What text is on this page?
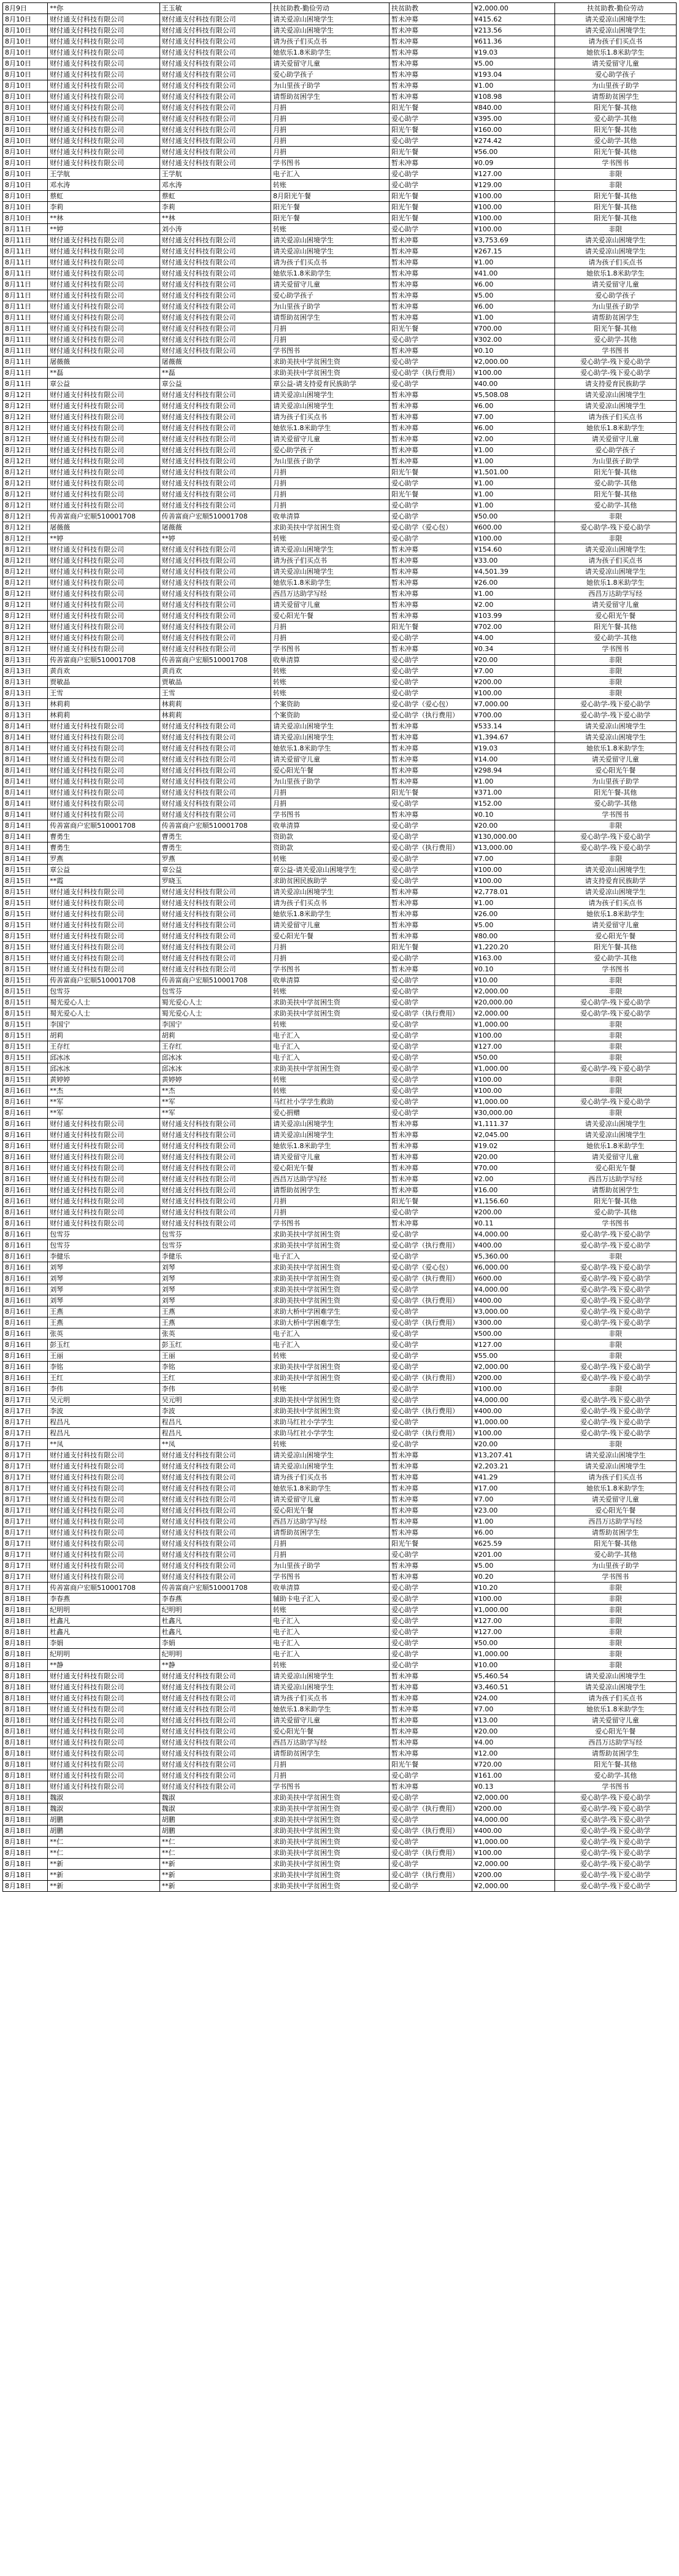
8月9日	**你	王玉敏	扶贫助教-勤俭劳动	扶贫助教	¥2,000.00	扶贫助教-勤俭劳动
8月10日	财付通支付科技有限公司	财付通支付科技有限公司	请关爱凉山困境学生	暂未冲募	¥415.62	请关爱凉山困境学生
8月10日	财付通支付科技有限公司	财付通支付科技有限公司	请关爱凉山困境学生	暂未冲募	¥213.56	请关爱凉山困境学生
8月10日	财付通支付科技有限公司	财付通支付科技有限公司	请为孩子们买点书	暂未冲募	¥611.36	请为孩子们买点书
8月10日	财付通支付科技有限公司	财付通支付科技有限公司	她依乐1.8米助学生	暂未冲募	¥19.03	她依乐1.8米助学生
8月10日	财付通支付科技有限公司	财付通支付科技有限公司	请关爱留守儿童	暂未冲募	¥5.00	请关爱留守儿童
8月10日	财付通支付科技有限公司	财付通支付科技有限公司	爱心助学孩子	暂未冲募	¥193.04	爱心助学孩子
8月10日	财付通支付科技有限公司	财付通支付科技有限公司	为山里孩子助学	暂未冲募	¥1.00	为山里孩子助学
8月10日	财付通支付科技有限公司	财付通支付科技有限公司	请帮助贫困学生	暂未冲募	¥108.98	请帮助贫困学生
8月10日	财付通支付科技有限公司	财付通支付科技有限公司	月捐	阳光午餐	¥840.00	阳光午餐-其他
8月10日	财付通支付科技有限公司	财付通支付科技有限公司	月捐	爱心助学	¥395.00	爱心助学-其他
8月10日	财付通支付科技有限公司	财付通支付科技有限公司	月捐	阳光午餐	¥160.00	阳光午餐-其他
8月10日	财付通支付科技有限公司	财付通支付科技有限公司	月捐	爱心助学	¥274.42	爱心助学-其他
8月10日	财付通支付科技有限公司	财付通支付科技有限公司	月捐	阳光午餐	¥56.00	阳光午餐-其他
8月10日	财付通支付科技有限公司	财付通支付科技有限公司	学书图书	暂未冲募	¥0.09	学书图书
8月10日	王学航	王学航	电子汇入	爱心助学	¥127.00	非限
8月10日	邓水涛	邓水涛	转账	爱心助学	¥129.00	非限
8月10日	蔡虹	蔡虹	8月阳光午餐	阳光午餐	¥100.00	阳光午餐-其他
8月10日	李莉	李莉	阳光午餐	阳光午餐	¥100.00	阳光午餐-其他
8月10日	**林	**林	阳光午餐	阳光午餐	¥100.00	阳光午餐-其他
8月11日	**婷	刘小涛	转账	爱心助学	¥100.00	非限
8月11日	财付通支付科技有限公司	财付通支付科技有限公司	请关爱凉山困境学生	暂未冲募	¥3,753.69	请关爱凉山困境学生
8月11日	财付通支付科技有限公司	财付通支付科技有限公司	请关爱凉山困境学生	暂未冲募	¥267.15	请关爱凉山困境学生
8月11日	财付通支付科技有限公司	财付通支付科技有限公司	请为孩子们买点书	暂未冲募	¥1.00	请为孩子们买点书
8月11日	财付通支付科技有限公司	财付通支付科技有限公司	她依乐1.8米助学生	暂未冲募	¥41.00	她依乐1.8米助学生
8月11日	财付通支付科技有限公司	财付通支付科技有限公司	请关爱留守儿童	暂未冲募	¥6.00	请关爱留守儿童
8月11日	财付通支付科技有限公司	财付通支付科技有限公司	爱心助学孩子	暂未冲募	¥5.00	爱心助学孩子
8月11日	财付通支付科技有限公司	财付通支付科技有限公司	为山里孩子助学	暂未冲募	¥6.00	为山里孩子助学
8月11日	财付通支付科技有限公司	财付通支付科技有限公司	请帮助贫困学生	暂未冲募	¥1.00	请帮助贫困学生
8月11日	财付通支付科技有限公司	财付通支付科技有限公司	月捐	阳光午餐	¥700.00	阳光午餐-其他
8月11日	财付通支付科技有限公司	财付通支付科技有限公司	月捐	爱心助学	¥302.00	爱心助学-其他
8月11日	财付通支付科技有限公司	财付通支付科技有限公司	学书图书	暂未冲募	¥0.10	学书图书
8月11日	屠薇薇	屠薇薇	求助美扶中学贫困生资	爱心助学	¥2,000.00	爱心助学-残下爱心助学
8月11日	**磊	**磊	求助美扶中学贫困生资	爱心助学（执行费用）	¥100.00	爱心助学-残下爱心助学
8月11日	章公益	章公益	章公益-请支持爱育民族助学	爱心助学	¥40.00	请支持爱育民族助学
8月12日	财付通支付科技有限公司	财付通支付科技有限公司	请关爱凉山困境学生	暂未冲募	¥5,508.08	请关爱凉山困境学生
8月12日	财付通支付科技有限公司	财付通支付科技有限公司	请关爱凉山困境学生	暂未冲募	¥6.00	请关爱凉山困境学生
8月12日	财付通支付科技有限公司	财付通支付科技有限公司	请为孩子们买点书	暂未冲募	¥7.00	请为孩子们买点书
8月12日	财付通支付科技有限公司	财付通支付科技有限公司	她依乐1.8米助学生	暂未冲募	¥6.00	她依乐1.8米助学生
8月12日	财付通支付科技有限公司	财付通支付科技有限公司	请关爱留守儿童	暂未冲募	¥2.00	请关爱留守儿童
8月12日	财付通支付科技有限公司	财付通支付科技有限公司	爱心助学孩子	暂未冲募	¥1.00	爱心助学孩子
8月12日	财付通支付科技有限公司	财付通支付科技有限公司	为山里孩子助学	暂未冲募	¥1.00	为山里孩子助学
8月12日	财付通支付科技有限公司	财付通支付科技有限公司	月捐	阳光午餐	¥1,501.00	阳光午餐-其他
8月12日	财付通支付科技有限公司	财付通支付科技有限公司	月捐	爱心助学	¥1.00	爱心助学-其他
8月12日	财付通支付科技有限公司	财付通支付科技有限公司	月捐	阳光午餐	¥1.00	阳光午餐-其他
8月12日	财付通支付科技有限公司	财付通支付科技有限公司	月捐	爱心助学	¥1.00	爱心助学-其他
8月12日	传善富商户宏顺510001708	传善富商户宏顺510001708	收单清算	爱心助学	¥50.00	非限
8月12日	屠薇薇	屠薇薇	求助美扶中学贫困生资	爱心助学（爱心包）	¥600.00	爱心助学-残下爱心助学
8月12日	**婷	**婷	转账	爱心助学	¥100.00	非限
8月12日	财付通支付科技有限公司	财付通支付科技有限公司	请关爱凉山困境学生	暂未冲募	¥154.60	请关爱凉山困境学生
8月12日	财付通支付科技有限公司	财付通支付科技有限公司	请为孩子们买点书	暂未冲募	¥33.00	请为孩子们买点书
8月12日	财付通支付科技有限公司	财付通支付科技有限公司	请关爱凉山困境学生	暂未冲募	¥4,501.39	请关爱凉山困境学生
8月12日	财付通支付科技有限公司	财付通支付科技有限公司	她依乐1.8米助学生	暂未冲募	¥26.00	她依乐1.8米助学生
8月12日	财付通支付科技有限公司	财付通支付科技有限公司	西昌万达助学写经	暂未冲募	¥1.00	西昌万达助学写经
8月12日	财付通支付科技有限公司	财付通支付科技有限公司	请关爱留守儿童	暂未冲募	¥2.00	请关爱留守儿童
8月12日	财付通支付科技有限公司	财付通支付科技有限公司	爱心阳光午餐	暂未冲募	¥103.99	爱心阳光午餐
8月12日	财付通支付科技有限公司	财付通支付科技有限公司	月捐	阳光午餐	¥702.00	阳光午餐-其他
8月12日	财付通支付科技有限公司	财付通支付科技有限公司	月捐	爱心助学	¥4.00	爱心助学-其他
8月12日	财付通支付科技有限公司	财付通支付科技有限公司	学书图书	暂未冲募	¥0.34	学书图书
8月13日	传善富商户宏顺510001708	传善富商户宏顺510001708	收单清算	爱心助学	¥20.00	非限
8月13日	黄肖欢	黄肖欢	转账	爱心助学	¥7.00	非限
8月13日	贾敏晶	贾敏晶	转账	爱心助学	¥200.00	非限
8月13日	王雪	王雪	转账	爱心助学	¥100.00	非限
8月13日	林莉莉	林莉莉	个案资助	爱心助学（爱心包）	¥7,000.00	爱心助学-残下爱心助学
8月13日	林莉莉	林莉莉	个案资助	爱心助学（执行费用）	¥700.00	爱心助学-残下爱心助学
8月14日	财付通支付科技有限公司	财付通支付科技有限公司	请关爱凉山困境学生	暂未冲募	¥533.14	请关爱凉山困境学生
8月14日	财付通支付科技有限公司	财付通支付科技有限公司	请关爱凉山困境学生	暂未冲募	¥1,394.67	请关爱凉山困境学生
8月14日	财付通支付科技有限公司	财付通支付科技有限公司	她依乐1.8米助学生	暂未冲募	¥19.03	她依乐1.8米助学生
8月14日	财付通支付科技有限公司	财付通支付科技有限公司	请关爱留守儿童	暂未冲募	¥14.00	请关爱留守儿童
8月14日	财付通支付科技有限公司	财付通支付科技有限公司	爱心阳光午餐	暂未冲募	¥298.94	爱心阳光午餐
8月14日	财付通支付科技有限公司	财付通支付科技有限公司	为山里孩子助学	暂未冲募	¥1.00	为山里孩子助学
8月14日	财付通支付科技有限公司	财付通支付科技有限公司	月捐	阳光午餐	¥371.00	阳光午餐-其他
8月14日	财付通支付科技有限公司	财付通支付科技有限公司	月捐	爱心助学	¥152.00	爱心助学-其他
8月14日	财付通支付科技有限公司	财付通支付科技有限公司	学书图书	暂未冲募	¥0.10	学书图书
8月14日	传善富商户宏顺510001708	传善富商户宏顺510001708	收单清算	爱心助学	¥20.00	非限
8月14日	曹勇生	曹勇生	资助款	爱心助学	¥130,000.00	爱心助学-残下爱心助学
8月14日	曹勇生	曹勇生	资助款	爱心助学（执行费用）	¥13,000.00	爱心助学-残下爱心助学
8月14日	罗燕	罗燕	转账	爱心助学	¥7.00	非限
8月15日	章公益	章公益	章公益-请关爱凉山困境学生	爱心助学	¥100.00	请关爱凉山困境学生
8月15日	**霞	罗晓玉	求助贫困民族助学	爱心助学	¥100.00	请支持爱育民族助学
8月15日	财付通支付科技有限公司	财付通支付科技有限公司	请关爱凉山困境学生	暂未冲募	¥2,778.01	请关爱凉山困境学生
8月15日	财付通支付科技有限公司	财付通支付科技有限公司	请为孩子们买点书	暂未冲募	¥1.00	请为孩子们买点书
8月15日	财付通支付科技有限公司	财付通支付科技有限公司	她依乐1.8米助学生	暂未冲募	¥26.00	她依乐1.8米助学生
8月15日	财付通支付科技有限公司	财付通支付科技有限公司	请关爱留守儿童	暂未冲募	¥5.00	请关爱留守儿童
8月15日	财付通支付科技有限公司	财付通支付科技有限公司	爱心阳光午餐	暂未冲募	¥80.00	爱心阳光午餐
8月15日	财付通支付科技有限公司	财付通支付科技有限公司	月捐	阳光午餐	¥1,220.20	阳光午餐-其他
8月15日	财付通支付科技有限公司	财付通支付科技有限公司	月捐	爱心助学	¥163.00	爱心助学-其他
8月15日	财付通支付科技有限公司	财付通支付科技有限公司	学书图书	暂未冲募	¥0.10	学书图书
8月15日	传善富商户宏顺510001708	传善富商户宏顺510001708	收单清算	爱心助学	¥10.00	非限
8月15日	包雪芬	包雪芬	转账	爱心助学	¥2,000.00	非限
8月15日	蜀光爱心人士	蜀光爱心人士	求助美扶中学贫困生资	爱心助学	¥20,000.00	爱心助学-残下爱心助学
8月15日	蜀光爱心人士	蜀光爱心人士	求助美扶中学贫困生资	爱心助学（执行费用）	¥2,000.00	爱心助学-残下爱心助学
8月15日	李国宁	李国宁	转账	爱心助学	¥1,000.00	非限
8月15日	胡莉	胡莉	电子汇入	爱心助学	¥100.00	非限
8月15日	王存红	王存红	电子汇入	爱心助学	¥127.00	非限
8月15日	邱冰冰	邱冰冰	电子汇入	爱心助学	¥50.00	非限
8月15日	邱冰冰	邱冰冰	求助美扶中学贫困生资	爱心助学	¥1,000.00	爱心助学-残下爱心助学
8月15日	黄婷婷	黄婷婷	转账	爱心助学	¥100.00	非限
8月16日	**杰	**杰	转账	爱心助学	¥100.00	非限
8月16日	**军	**军	马红社小学学生救助	爱心助学	¥1,000.00	爱心助学-残下爱心助学
8月16日	**军	**军	爱心捐赠	爱心助学	¥30,000.00	非限
8月16日	财付通支付科技有限公司	财付通支付科技有限公司	请关爱凉山困境学生	暂未冲募	¥1,111.37	请关爱凉山困境学生
8月16日	财付通支付科技有限公司	财付通支付科技有限公司	请关爱凉山困境学生	暂未冲募	¥2,045.00	请关爱凉山困境学生
8月16日	财付通支付科技有限公司	财付通支付科技有限公司	她依乐1.8米助学生	暂未冲募	¥19.02	她依乐1.8米助学生
8月16日	财付通支付科技有限公司	财付通支付科技有限公司	请关爱留守儿童	暂未冲募	¥20.00	请关爱留守儿童
8月16日	财付通支付科技有限公司	财付通支付科技有限公司	爱心阳光午餐	暂未冲募	¥70.00	爱心阳光午餐
8月16日	财付通支付科技有限公司	财付通支付科技有限公司	西昌万达助学写经	暂未冲募	¥2.00	西昌万达助学写经
8月16日	财付通支付科技有限公司	财付通支付科技有限公司	请帮助贫困学生	暂未冲募	¥16.00	请帮助贫困学生
8月16日	财付通支付科技有限公司	财付通支付科技有限公司	月捐	阳光午餐	¥1,156.60	阳光午餐-其他
8月16日	财付通支付科技有限公司	财付通支付科技有限公司	月捐	爱心助学	¥200.00	爱心助学-其他
8月16日	财付通支付科技有限公司	财付通支付科技有限公司	学书图书	暂未冲募	¥0.11	学书图书
8月16日	包雪芬	包雪芬	求助美扶中学贫困生资	爱心助学	¥4,000.00	爱心助学-残下爱心助学
8月16日	包雪芬	包雪芬	求助美扶中学贫困生资	爱心助学（执行费用）	¥400.00	爱心助学-残下爱心助学
8月16日	李健乐	李健乐	电子汇入	爱心助学	¥5,360.00	非限
8月16日	刘琴	刘琴	求助美扶中学贫困生资	爱心助学（爱心包）	¥6,000.00	爱心助学-残下爱心助学
8月16日	刘琴	刘琴	求助美扶中学贫困生资	爱心助学（执行费用）	¥600.00	爱心助学-残下爱心助学
8月16日	刘琴	刘琴	求助美扶中学贫困生资	爱心助学	¥4,000.00	爱心助学-残下爱心助学
8月16日	刘琴	刘琴	求助美扶中学贫困生资	爱心助学（执行费用）	¥400.00	爱心助学-残下爱心助学
8月16日	王燕	王燕	求助大桥中学困难学生	爱心助学	¥3,000.00	爱心助学-残下爱心助学
8月16日	王燕	王燕	求助大桥中学困难学生	爱心助学（执行费用）	¥300.00	爱心助学-残下爱心助学
8月16日	张英	张英	电子汇入	爱心助学	¥500.00	非限
8月16日	彭玉红	彭玉红	电子汇入	爱心助学	¥127.00	非限
8月16日	王丽	王丽	转账	爱心助学	¥55.00	非限
8月16日	李铭	李铭	求助美扶中学贫困生资	爱心助学	¥2,000.00	爱心助学-残下爱心助学
8月16日	王红	王红	求助美扶中学贫困生资	爱心助学（执行费用）	¥200.00	爱心助学-残下爱心助学
8月16日	李伟	李伟	转账	爱心助学	¥100.00	非限
8月17日	吴元明	吴元明	求助美扶中学贫困生资	爱心助学	¥4,000.00	爱心助学-残下爱心助学
8月17日	李波	李波	求助美扶中学贫困生资	爱心助学（执行费用）	¥400.00	爱心助学-残下爱心助学
8月17日	程昌凡	程昌凡	求助马红社小学学生	爱心助学	¥1,000.00	爱心助学-残下爱心助学
8月17日	程昌凡	程昌凡	求助马红社小学学生	爱心助学（执行费用）	¥100.00	爱心助学-残下爱心助学
8月17日	**凤	**凤	转账	爱心助学	¥20.00	非限
8月17日	财付通支付科技有限公司	财付通支付科技有限公司	请关爱凉山困境学生	暂未冲募	¥13,207.41	请关爱凉山困境学生
8月17日	财付通支付科技有限公司	财付通支付科技有限公司	请关爱凉山困境学生	暂未冲募	¥2,203.21	请关爱凉山困境学生
8月17日	财付通支付科技有限公司	财付通支付科技有限公司	请为孩子们买点书	暂未冲募	¥41.29	请为孩子们买点书
8月17日	财付通支付科技有限公司	财付通支付科技有限公司	她依乐1.8米助学生	暂未冲募	¥17.00	她依乐1.8米助学生
8月17日	财付通支付科技有限公司	财付通支付科技有限公司	请关爱留守儿童	暂未冲募	¥7.00	请关爱留守儿童
8月17日	财付通支付科技有限公司	财付通支付科技有限公司	爱心阳光午餐	暂未冲募	¥23.00	爱心阳光午餐
8月17日	财付通支付科技有限公司	财付通支付科技有限公司	西昌万达助学写经	暂未冲募	¥1.00	西昌万达助学写经
8月17日	财付通支付科技有限公司	财付通支付科技有限公司	请帮助贫困学生	暂未冲募	¥6.00	请帮助贫困学生
8月17日	财付通支付科技有限公司	财付通支付科技有限公司	月捐	阳光午餐	¥625.59	阳光午餐-其他
8月17日	财付通支付科技有限公司	财付通支付科技有限公司	月捐	爱心助学	¥201.00	爱心助学-其他
8月17日	财付通支付科技有限公司	财付通支付科技有限公司	为山里孩子助学	暂未冲募	¥5.00	为山里孩子助学
8月17日	财付通支付科技有限公司	财付通支付科技有限公司	学书图书	暂未冲募	¥0.20	学书图书
8月17日	传善富商户宏顺510001708	传善富商户宏顺510001708	收单清算	爱心助学	¥10.20	非限
8月18日	李春燕	李春燕	辅助卡电子汇入	爱心助学	¥100.00	非限
8月18日	纪明明	纪明明	转账	爱心助学	¥1,000.00	非限
8月18日	杜鑫凡	杜鑫凡	电子汇入	爱心助学	¥127.00	非限
8月18日	杜鑫凡	杜鑫凡	电子汇入	爱心助学	¥127.00	非限
8月18日	李娟	李娟	电子汇入	爱心助学	¥50.00	非限
8月18日	纪明明	纪明明	电子汇入	爱心助学	¥1,000.00	非限
8月18日	**静	**静	转账	爱心助学	¥10.00	非限
8月18日	财付通支付科技有限公司	财付通支付科技有限公司	请关爱凉山困境学生	暂未冲募	¥5,460.54	请关爱凉山困境学生
8月18日	财付通支付科技有限公司	财付通支付科技有限公司	请关爱凉山困境学生	暂未冲募	¥3,460.51	请关爱凉山困境学生
8月18日	财付通支付科技有限公司	财付通支付科技有限公司	请为孩子们买点书	暂未冲募	¥24.00	请为孩子们买点书
8月18日	财付通支付科技有限公司	财付通支付科技有限公司	她依乐1.8米助学生	暂未冲募	¥7.00	她依乐1.8米助学生
8月18日	财付通支付科技有限公司	财付通支付科技有限公司	请关爱留守儿童	暂未冲募	¥13.00	请关爱留守儿童
8月18日	财付通支付科技有限公司	财付通支付科技有限公司	爱心阳光午餐	暂未冲募	¥20.00	爱心阳光午餐
8月18日	财付通支付科技有限公司	财付通支付科技有限公司	西昌万达助学写经	暂未冲募	¥4.00	西昌万达助学写经
8月18日	财付通支付科技有限公司	财付通支付科技有限公司	请帮助贫困学生	暂未冲募	¥12.00	请帮助贫困学生
8月18日	财付通支付科技有限公司	财付通支付科技有限公司	月捐	阳光午餐	¥720.00	阳光午餐-其他
8月18日	财付通支付科技有限公司	财付通支付科技有限公司	月捐	爱心助学	¥161.00	爱心助学-其他
8月18日	财付通支付科技有限公司	财付通支付科技有限公司	学书图书	暂未冲募	¥0.13	学书图书
8月18日	魏淑	魏淑	求助美扶中学贫困生资	爱心助学	¥2,000.00	爱心助学-残下爱心助学
8月18日	魏淑	魏淑	求助美扶中学贫困生资	爱心助学（执行费用）	¥200.00	爱心助学-残下爱心助学
8月18日	胡鹏	胡鹏	求助美扶中学贫困生资	爱心助学	¥4,000.00	爱心助学-残下爱心助学
8月18日	胡鹏	胡鹏	求助美扶中学贫困生资	爱心助学（执行费用）	¥400.00	爱心助学-残下爱心助学
8月18日	**仁	**仁	求助美扶中学贫困生资	爱心助学	¥1,000.00	爱心助学-残下爱心助学
8月18日	**仁	**仁	求助美扶中学贫困生资	爱心助学（执行费用）	¥100.00	爱心助学-残下爱心助学
8月18日	**新	**新	求助美扶中学贫困生资	爱心助学	¥2,000.00	爱心助学-残下爱心助学
8月18日	**新	**新	求助美扶中学贫困生资	爱心助学（执行费用）	¥200.00	爱心助学-残下爱心助学
8月18日	**新	**新	求助美扶中学贫困生资	爱心助学	¥2,000.00	爱心助学-残下爱心助学
